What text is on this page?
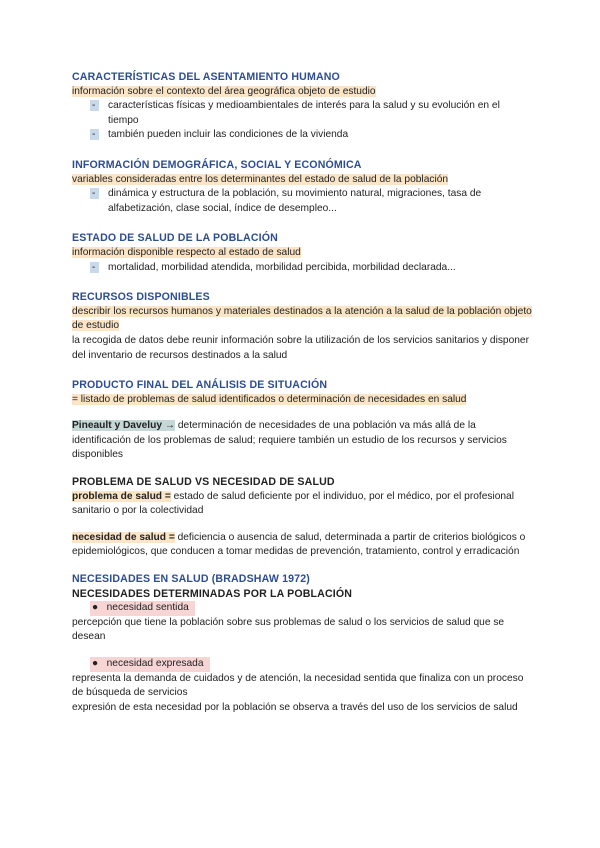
CARACTERÍSTICAS DEL ASENTAMIENTO HUMANO

información sobre el contexto del área geográfica objeto de estudio

-	características físicas y medioambientales de interés para la salud y su evolución en el tiempo
-	también pueden incluir las condiciones de la vivienda

INFORMACIÓN DEMOGRÁFICA, SOCIAL Y ECONÓMICA

variables consideradas entre los determinantes del estado de salud de la población

-	dinámica y estructura de la población, su movimiento natural, migraciones, tasa de alfabetización, clase social, índice de desempleo...

ESTADO DE SALUD DE LA POBLACIÓN

información disponible respecto al estado de salud

-	mortalidad, morbilidad atendida, morbilidad percibida, morbilidad declarada...

RECURSOS DISPONIBLES

describir los recursos humanos y materiales destinados a la atención a la salud de la población objeto de estudio

la recogida de datos debe reunir información sobre la utilización de los servicios sanitarios y disponer del inventario de recursos destinados a la salud

PRODUCTO FINAL DEL ANÁLISIS DE SITUACIÓN

= listado de problemas de salud identificados o determinación de necesidades en salud

Pineault y Daveluy → determinación de necesidades de una población va más allá de la identificación de los problemas de salud; requiere también un estudio de los recursos y servicios disponibles

PROBLEMA DE SALUD VS NECESIDAD DE SALUD

problema de salud = estado de salud deficiente por el individuo, por el médico, por el profesional sanitario o por la colectividad

necesidad de salud = deficiencia o ausencia de salud, determinada a partir de criterios biológicos o epidemiológicos, que conducen a tomar medidas de prevención, tratamiento, control y erradicación

NECESIDADES EN SALUD (BRADSHAW 1972)

NECESIDADES DETERMINADAS POR LA POBLACIÓN

●   necesidad sentida

percepción que tiene la población sobre sus problemas de salud o los servicios de salud que se desean

●   necesidad expresada

representa la demanda de cuidados y de atención, la necesidad sentida que finaliza con un proceso de búsqueda de servicios

expresión de esta necesidad por la población se observa a través del uso de los servicios de salud
